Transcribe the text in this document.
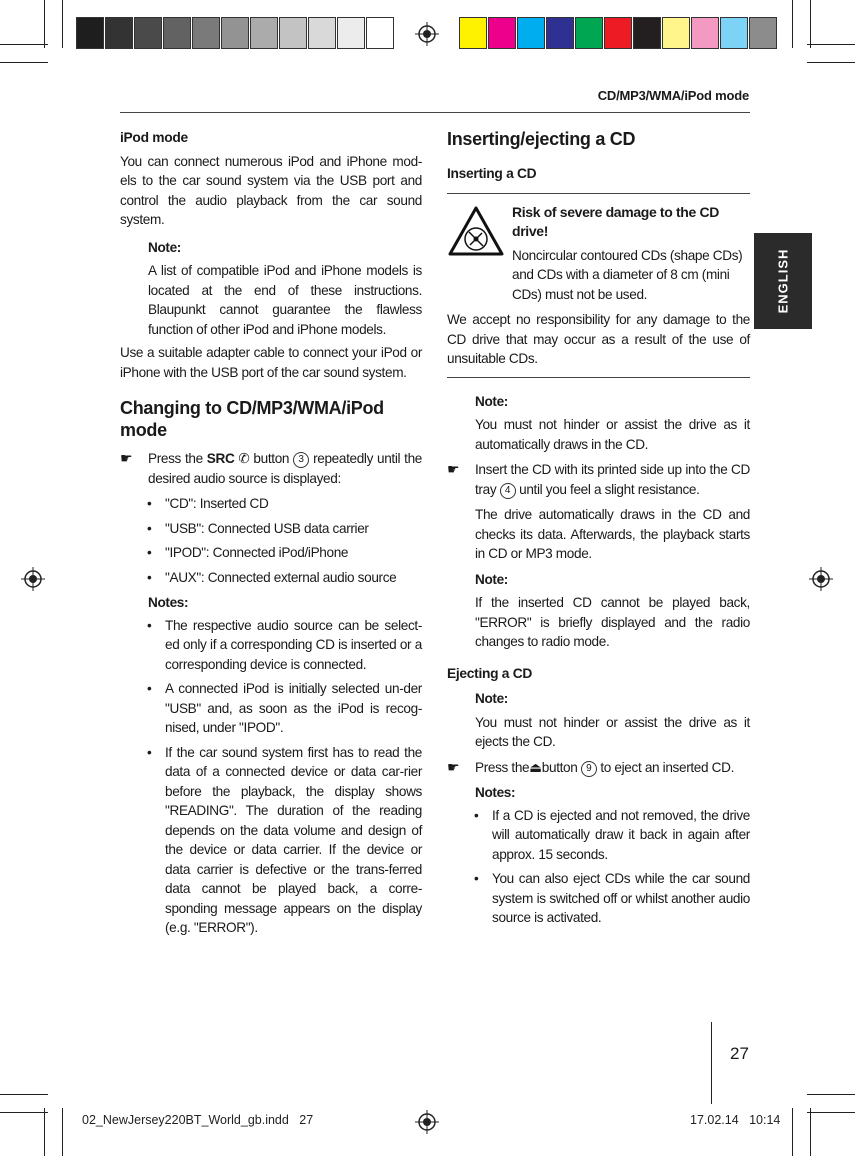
CD/MP3/WMA/iPod mode
ENGLISH
iPod mode

You can connect numerous iPod and iPhone mod-els to the car sound system via the USB port and control the audio playback from the car sound system.

Note:

A list of compatible iPod and iPhone models is located at the end of these instructions. Blaupunkt cannot guarantee the flawless function of other iPod and iPhone models.

Use a suitable adapter cable to connect your iPod or iPhone with the USB port of the car sound system.

Changing to CD/MP3/WMA/iPod mode
☛ Press the SRC ✆ button 3 repeatedly until the desired audio source is displayed:
• "CD": Inserted CD
• "USB": Connected USB data carrier
• "IPOD": Connected iPod/iPhone
• "AUX": Connected external audio source

Notes:

• The respective audio source can be select-ed only if a corresponding CD is inserted or a corresponding device is connected.
• A connected iPod is initially selected un-der "USB" and, as soon as the iPod is recog-nised, under "IPOD".
• If the car sound system first has to read the data of a connected device or data car-rier before the playback, the display shows "READING". The duration of the reading depends on the data volume and design of the device or data carrier. If the device or data carrier is defective or the trans-ferred data cannot be played back, a corre-sponding message appears on the display (e.g. "ERROR").
Inserting/ejecting a CD
Inserting a CD

Risk of severe damage to the CD drive!

Noncircular contoured CDs (shape CDs) and CDs with a diameter of 8 cm (mini CDs) must not be used.

We accept no responsibility for any damage to the CD drive that may occur as a result of the use of unsuitable CDs.

Note:

You must not hinder or assist the drive as it automatically draws in the CD.

☛ Insert the CD with its printed side up into the CD tray 4 until you feel a slight resistance.

The drive automatically draws in the CD and checks its data. Afterwards, the playback starts in CD or MP3 mode.

Note:

If the inserted CD cannot be played back, "ERROR" is briefly displayed and the radio changes to radio mode.

Ejecting a CD

Note:

You must not hinder or assist the drive as it ejects the CD.

☛ Press the⏏button 9 to eject an inserted CD.

Notes:

• If a CD is ejected and not removed, the drive will automatically draw it back in again after approx. 15 seconds.
• You can also eject CDs while the car sound system is switched off or whilst another audio source is activated.
27
02_NewJersey220BT_World_gb.indd   27	17.02.14   10:14
